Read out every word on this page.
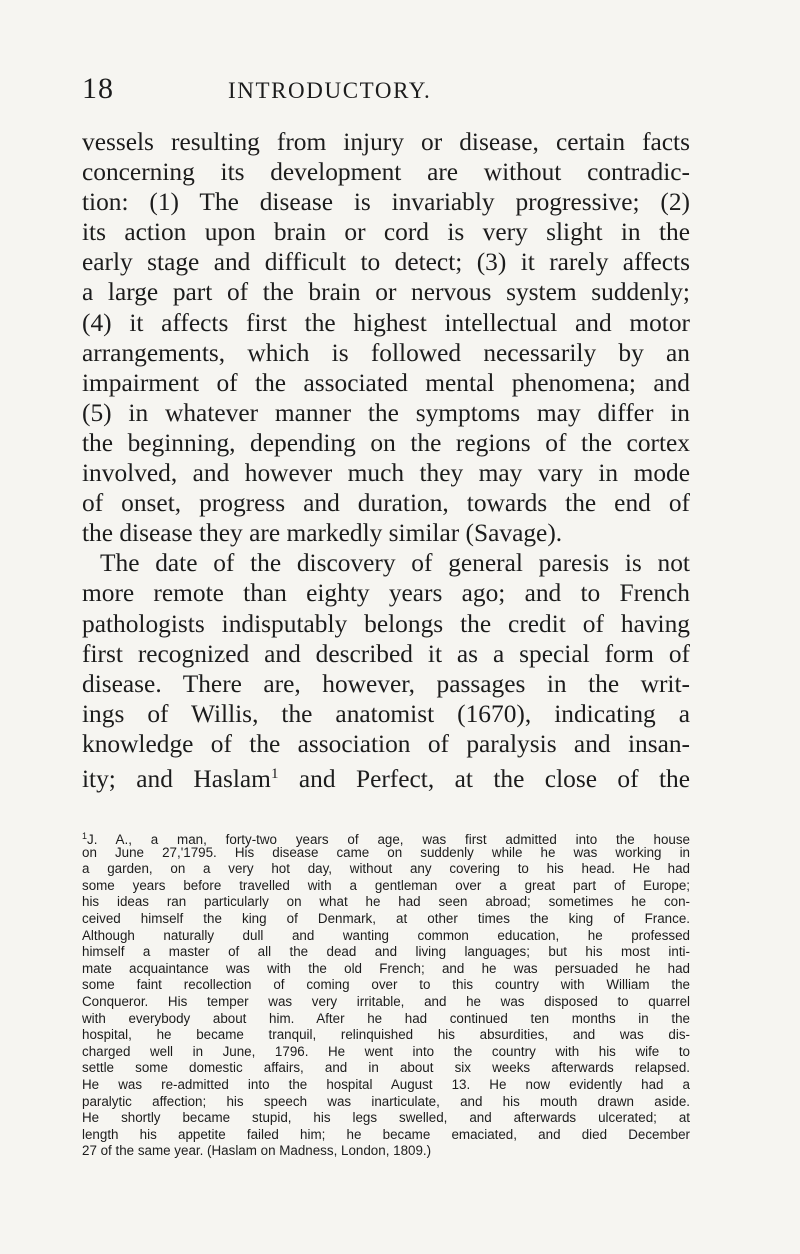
18	INTRODUCTORY.
vessels resulting from injury or disease, certain facts
concerning its development are without contradic-
tion: (1) The disease is invariably progressive; (2)
its action upon brain or cord is very slight in the
early stage and difficult to detect; (3) it rarely affects
a large part of the brain or nervous system suddenly;
(4) it affects first the highest intellectual and motor
arrangements, which is followed necessarily by an
impairment of the associated mental phenomena; and
(5) in whatever manner the symptoms may differ in
the beginning, depending on the regions of the cortex
involved, and however much they may vary in mode
of onset, progress and duration, towards the end of
the disease they are markedly similar (Savage).
The date of the discovery of general paresis is not
more remote than eighty years ago; and to French
pathologists indisputably belongs the credit of having
first recognized and described it as a special form of
disease. There are, however, passages in the writ-
ings of Willis, the anatomist (1670), indicating a
knowledge of the association of paralysis and insan-
ity; and Haslam$^1$ and Perfect, at the close of the
$^1$J. A., a man, forty-two years of age, was first admitted into the house
on June 27,'1795. His disease came on suddenly while he was working in
a garden, on a very hot day, without any covering to his head. He had
some years before travelled with a gentleman over a great part of Europe;
his ideas ran particularly on what he had seen abroad; sometimes he con-
ceived himself the king of Denmark, at other times the king of France.
Although naturally dull and wanting common education, he professed
himself a master of all the dead and living languages; but his most inti-
mate acquaintance was with the old French; and he was persuaded he had
some faint recollection of coming over to this country with William the
Conqueror. His temper was very irritable, and he was disposed to quarrel
with everybody about him. After he had continued ten months in the
hospital, he became tranquil, relinquished his absurdities, and was dis-
charged well in June, 1796. He went into the country with his wife to
settle some domestic affairs, and in about six weeks afterwards relapsed.
He was re-admitted into the hospital August 13. He now evidently had a
paralytic affection; his speech was inarticulate, and his mouth drawn aside.
He shortly became stupid, his legs swelled, and afterwards ulcerated; at
length his appetite failed him; he became emaciated, and died December
27 of the same year. (Haslam on Madness, London, 1809.)
